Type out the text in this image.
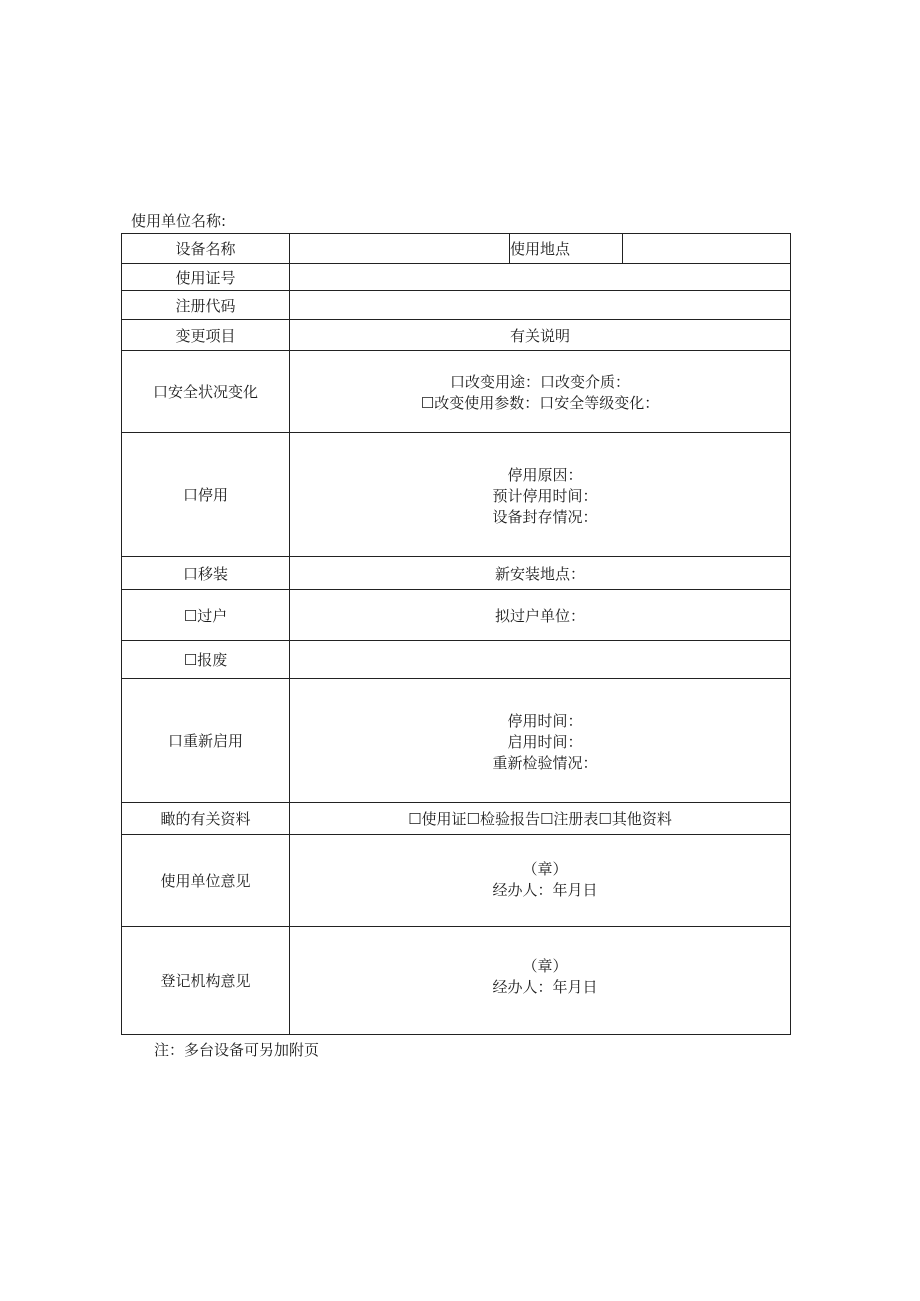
使用单位名称:
设备名称		使用地点	
使用证号			
注册代码			
变更项目	有关说明		
口安全状况变化	口改变用途：口改变介质：
☐改变使用参数：口安全等级变化：		

口停用	停用原因：
预计停用时间：
设备封存情况：		

口移装	新安装地点：		
☐过户	拟过户单位：		
☐报废			
口重新启用	停用时间：
启用时间：
重新检验情况：		

瞰的有关资料	☐使用证☐检验报告☐注册表☐其他资料		
使用单位意见	（章）
经办人：年月日		

登记机构意见	（章）
经办人：年月日		
注：多台设备可另加附页
